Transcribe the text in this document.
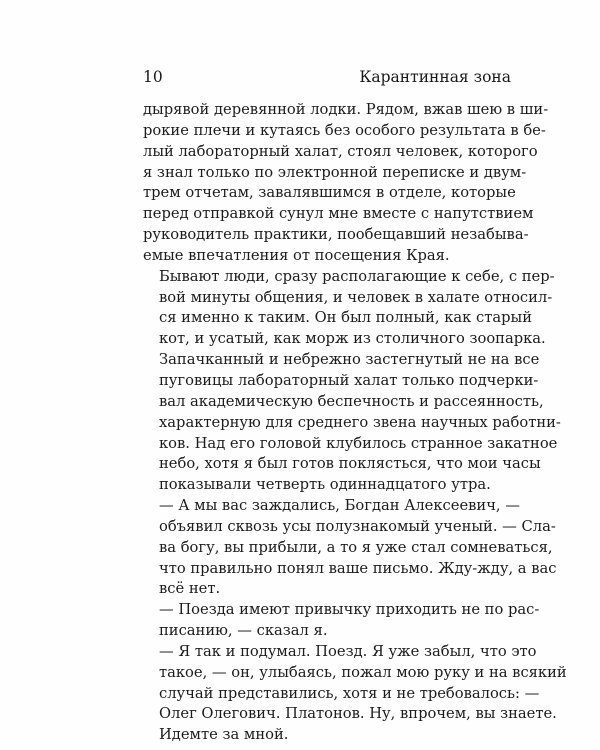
10	Карантинная зона

дырявой деревянной лодки. Рядом, вжав шею в ши-
рокие плечи и кутаясь без особого результата в бе-
лый лабораторный халат, стоял человек, которого
я знал только по электронной переписке и двум-
трем отчетам, завалявшимся в отделе, которые
перед отправкой сунул мне вместе с напутствием
руководитель практики, пообещавший незабыва-
емые впечатления от посещения Края.

Бывают люди, сразу располагающие к себе, с пер-
вой минуты общения, и человек в халате относил-
ся именно к таким. Он был полный, как старый
кот, и усатый, как морж из столичного зоопарка.
Запачканный и небрежно застегнутый не на все
пуговицы лабораторный халат только подчерки-
вал академическую беспечность и рассеянность,
характерную для среднего звена научных работни-
ков. Над его головой клубилось странное закатное
небо, хотя я был готов поклясться, что мои часы
показывали четверть одиннадцатого утра.

— А мы вас заждались, Богдан Алексеевич, —
объявил сквозь усы полузнакомый ученый. — Сла-
ва богу, вы прибыли, а то я уже стал сомневаться,
что правильно понял ваше письмо. Жду-жду, а вас
всё нет.

— Поезда имеют привычку приходить не по рас-
писанию, — сказал я.

— Я так и подумал. Поезд. Я уже забыл, что это
такое, — он, улыбаясь, пожал мою руку и на всякий
случай представились, хотя и не требовалось: —
Олег Олегович. Платонов. Ну, впрочем, вы знаете.
Идемте за мной.
